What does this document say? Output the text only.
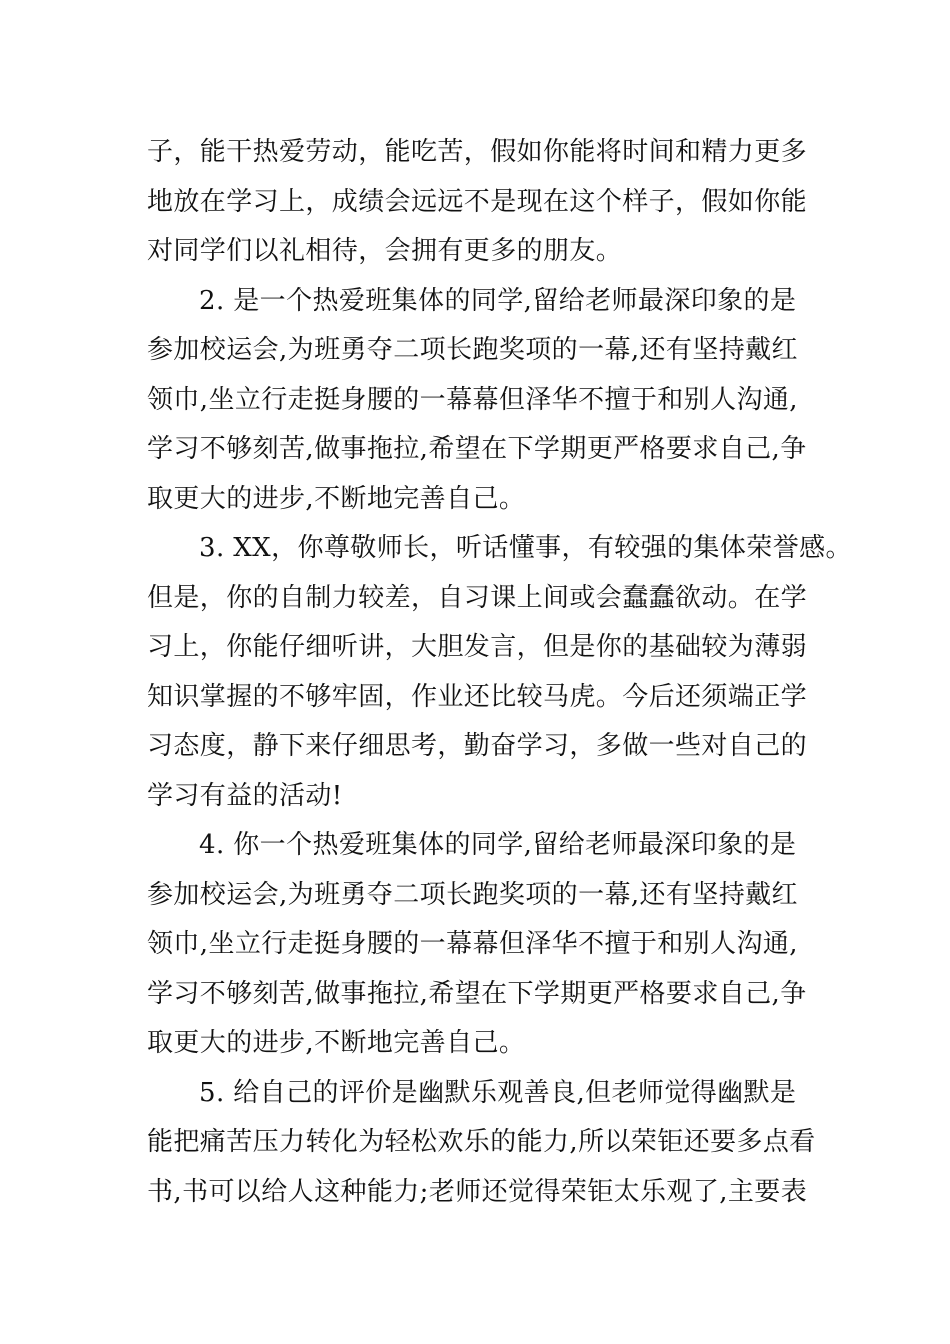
子，能干热爱劳动，能吃苦，假如你能将时间和精力更多
地放在学习上，成绩会远远不是现在这个样子，假如你能
对同学们以礼相待，会拥有更多的朋友。
2. 是一个热爱班集体的同学,留给老师最深印象的是
参加校运会,为班勇夺二项长跑奖项的一幕,还有坚持戴红
领巾,坐立行走挺身腰的一幕幕但泽华不擅于和别人沟通,
学习不够刻苦,做事拖拉,希望在下学期更严格要求自己,争
取更大的进步,不断地完善自己。
3. XX，你尊敬师长，听话懂事，有较强的集体荣誉感。
但是，你的自制力较差，自习课上间或会蠢蠢欲动。在学
习上，你能仔细听讲，大胆发言，但是你的基础较为薄弱
知识掌握的不够牢固，作业还比较马虎。今后还须端正学
习态度，静下来仔细思考，勤奋学习，多做一些对自己的
学习有益的活动!
4. 你一个热爱班集体的同学,留给老师最深印象的是
参加校运会,为班勇夺二项长跑奖项的一幕,还有坚持戴红
领巾,坐立行走挺身腰的一幕幕但泽华不擅于和别人沟通,
学习不够刻苦,做事拖拉,希望在下学期更严格要求自己,争
取更大的进步,不断地完善自己。
5. 给自己的评价是幽默乐观善良,但老师觉得幽默是
能把痛苦压力转化为轻松欢乐的能力,所以荣钜还要多点看
书,书可以给人这种能力;老师还觉得荣钜太乐观了,主要表
